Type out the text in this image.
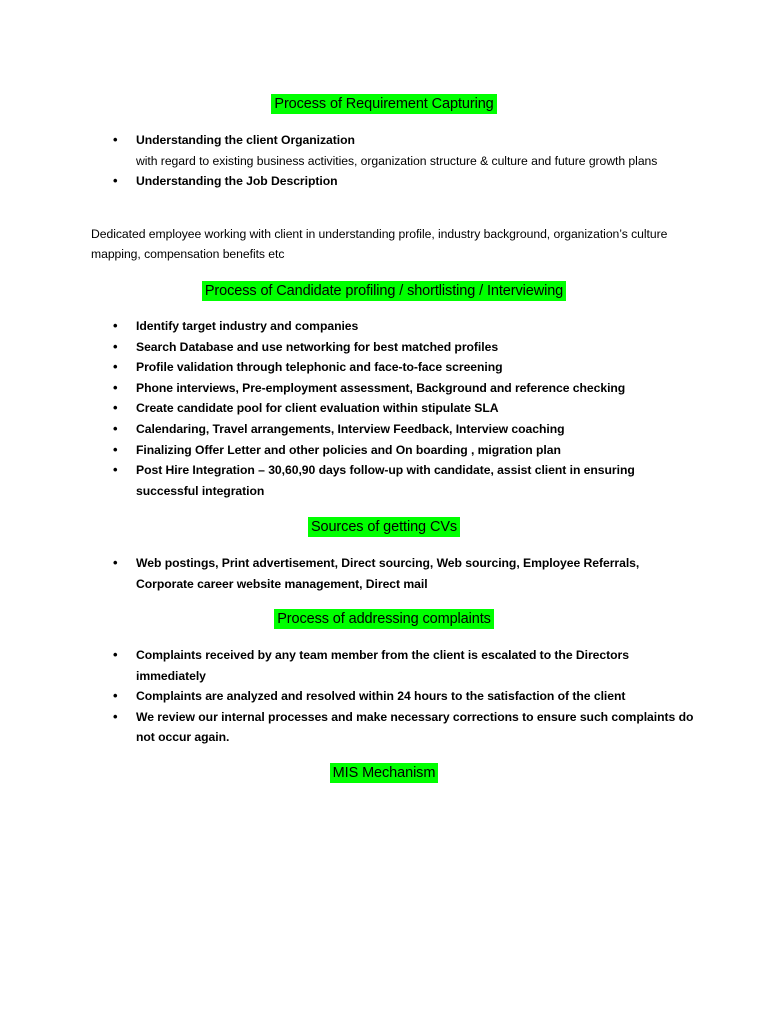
Process of Requirement Capturing
• Understanding the client Organization
with regard to existing business activities, organization structure & culture and future growth plans
• Understanding the Job Description
Dedicated employee working with client in understanding profile, industry background, organization’s culture mapping, compensation benefits etc
Process of Candidate profiling / shortlisting / Interviewing
• Identify target industry and companies
• Search Database and use networking for best matched profiles
• Profile validation through telephonic and face-to-face screening
• Phone interviews, Pre-employment assessment, Background and reference checking
• Create candidate pool for client evaluation within stipulate SLA
• Calendaring, Travel arrangements, Interview Feedback, Interview coaching
• Finalizing Offer Letter and other policies and On boarding , migration plan
• Post Hire Integration – 30,60,90 days follow-up with candidate, assist client in ensuring successful integration
Sources of getting CVs
• Web postings, Print advertisement, Direct sourcing, Web sourcing, Employee Referrals, Corporate career website management, Direct mail
Process of addressing complaints
• Complaints received by any team member from the client is escalated to the Directors immediately
• Complaints are analyzed and resolved within 24 hours to the satisfaction of the client
• We review our internal processes and make necessary corrections to ensure such complaints do not occur again.
MIS Mechanism
